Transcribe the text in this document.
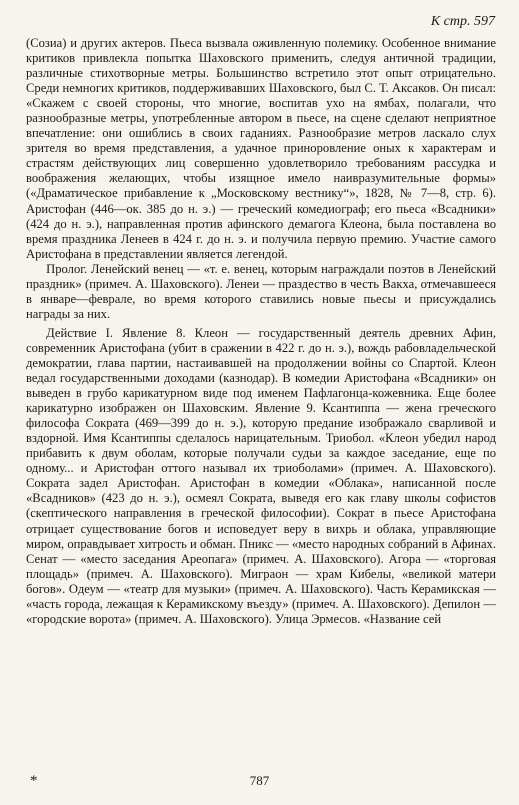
К стр. 597

(Созиа) и других актеров. Пьеса вызвала оживленную полемику. Особенное внимание критиков привлекла попытка Шаховского применить, следуя античной традиции, различные стихотворные метры. Большинство встретило этот опыт отрицательно. Среди немногих критиков, поддерживавших Шаховского, был С. Т. Аксаков. Он писал: «Скажем с своей стороны, что многие, воспитав ухо на ямбах, полагали, что разнообразные метры, употребленные автором в пьесе, на сцене сделают неприятное впечатление: они ошиблись в своих гаданиях. Разнообразие метров ласкало слух зрителя во время представления, а удачное приноровление оных к характерам и страстям действующих лиц совершенно удовлетворило требованиям рассудка и воображения желающих, чтобы изящное имело наивразумительные формы» («Драматическое прибавление к „Московскому вестнику“», 1828, № 7—8, стр. 6). Аристофан (446—ок. 385 до н. э.) — греческий комедиограф; его пьеса «Всадники» (424 до н. э.), направленная против афинского демагога Клеона, была поставлена во время праздника Ленеев в 424 г. до н. э. и получила первую премию. Участие самого Аристофана в представлении является легендой.

Пролог. Ленейский венец — «т. е. венец, которым награждали поэтов в Ленейский праздник» (примеч. А. Шаховского). Ленеи — праздество в честь Вакха, отмечавшееся в январе—феврале, во время которого ставились новые пьесы и присуждались награды за них.

Действие I. Явление 8. Клеон — государственный деятель древних Афин, современник Аристофана (убит в сражении в 422 г. до н. э.), вождь рабовладельческой демократии, глава партии, настаивавшей на продолжении войны со Спартой. Клеон ведал государственными доходами (казнодар). В комедии Аристофана «Всадники» он выведен в грубо карикатурном виде под именем Пафлагонца-кожевника. Еще более карикатурно изображен он Шаховским. Явление 9. Ксантиппа — жена греческого философа Сократа (469—399 до н. э.), которую предание изображало сварливой и вздорной. Имя Ксантиппы сделалось нарицательным. Триобол. «Клеон убедил народ прибавить к двум оболам, которые получали судьи за каждое заседание, еще по одному... и Аристофан оттого называл их триоболами» (примеч. А. Шаховского). Сократа задел Аристофан. Аристофан в комедии «Облака», написанной после «Всадников» (423 до н. э.), осмеял Сократа, выведя его как главу школы софистов (скептического направления в греческой философии). Сократ в пьесе Аристофана отрицает существование богов и исповедует веру в вихрь и облака, управляющие миром, оправдывает хитрость и обман. Пникс — «место народных собраний в Афинах. Сенат — «место заседания Ареопага» (примеч. А. Шаховского). Агора — «торговая площадь» (примеч. А. Шаховского). Миграон — храм Кибелы, «великой матери богов». Одеум — «театр для музыки» (примеч. А. Шаховского). Часть Керамикская — «часть города, лежащая к Керамикскому въезду» (примеч. А. Шаховского). Депилон — «городские ворота» (примеч. А. Шаховского). Улица Эрмесов. «Название сей

*	787
